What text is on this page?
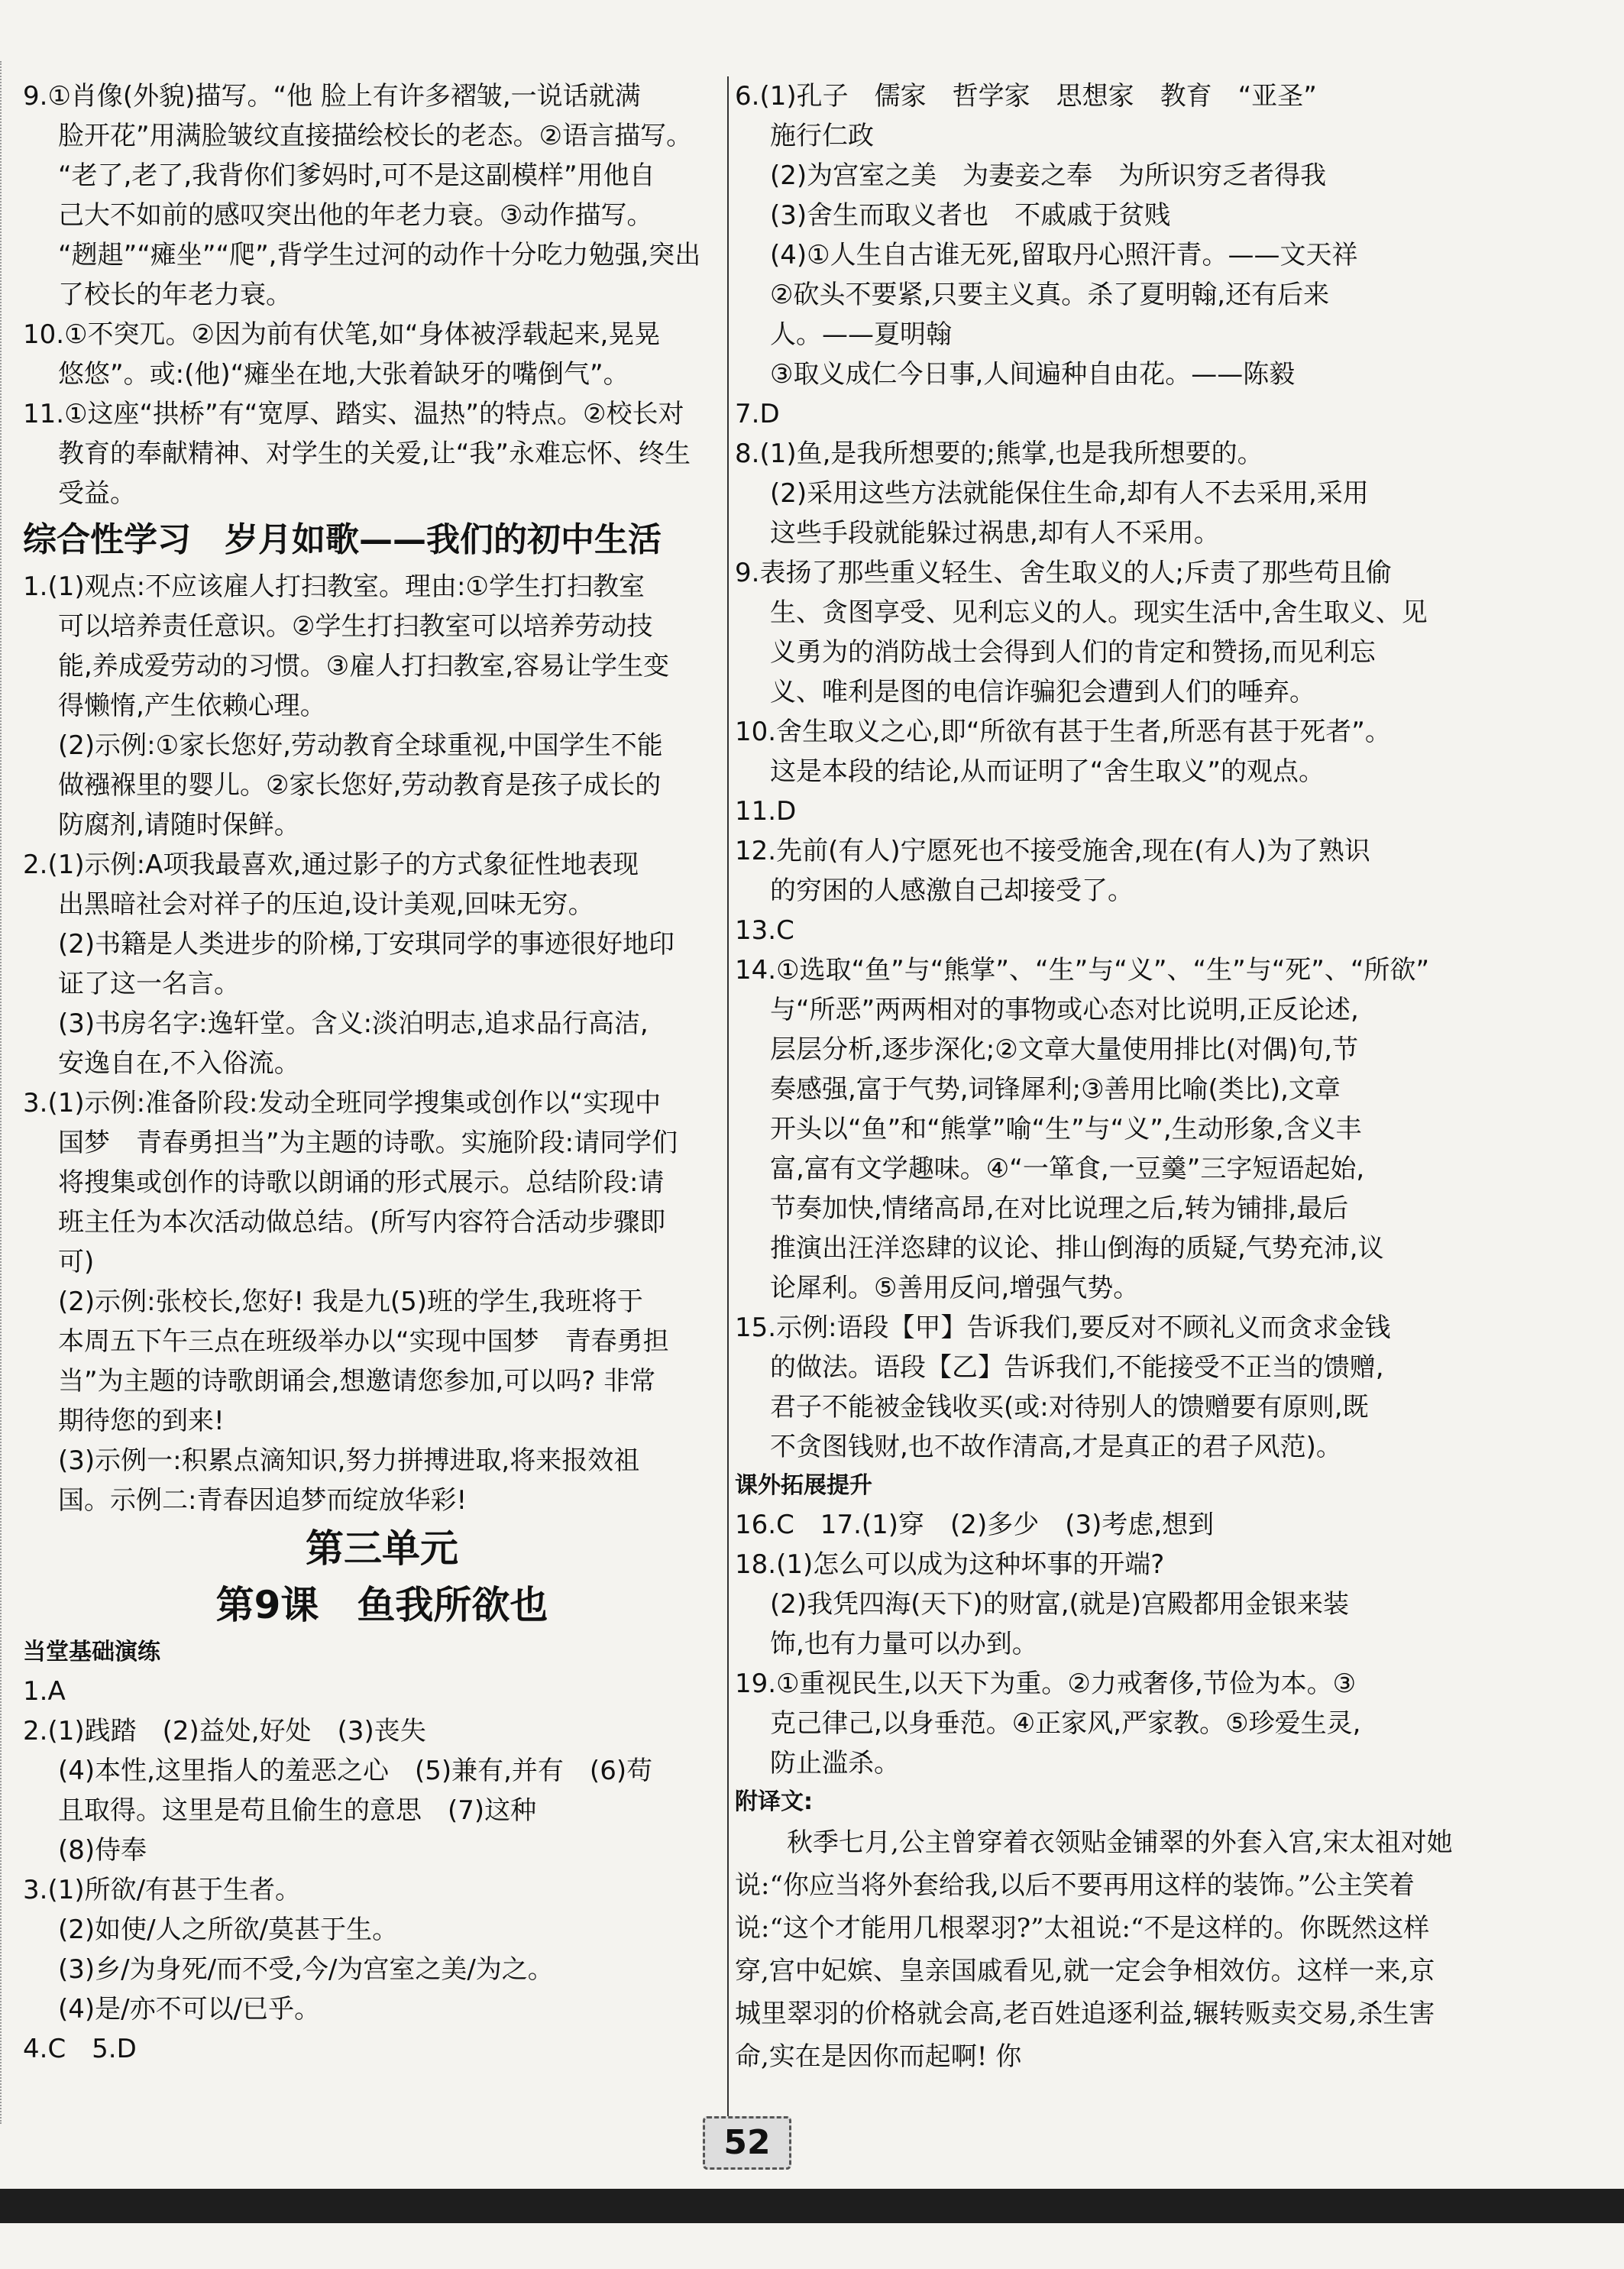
9.①肖像(外貌)描写。“他 脸上有许多褶皱,一说话就满

脸开花”用满脸皱纹直接描绘校长的老态。②语言描写。

“老了,老了,我背你们爹妈时,可不是这副模样”用他自

己大不如前的感叹突出他的年老力衰。③动作描写。

“趔趄”“瘫坐”“爬”,背学生过河的动作十分吃力勉强,突出

了校长的年老力衰。

10.①不突兀。②因为前有伏笔,如“身体被浮载起来,晃晃

悠悠”。或:(他)“瘫坐在地,大张着缺牙的嘴倒气”。

11.①这座“拱桥”有“宽厚、踏实、温热”的特点。②校长对

教育的奉献精神、对学生的关爱,让“我”永难忘怀、终生

受益。

综合性学习　岁月如歌——我们的初中生活

1.(1)观点:不应该雇人打扫教室。理由:①学生打扫教室

可以培养责任意识。②学生打扫教室可以培养劳动技

能,养成爱劳动的习惯。③雇人打扫教室,容易让学生变

得懒惰,产生依赖心理。

(2)示例:①家长您好,劳动教育全球重视,中国学生不能

做襁褓里的婴儿。②家长您好,劳动教育是孩子成长的

防腐剂,请随时保鲜。

2.(1)示例:A项我最喜欢,通过影子的方式象征性地表现

出黑暗社会对祥子的压迫,设计美观,回味无穷。

(2)书籍是人类进步的阶梯,丁安琪同学的事迹很好地印

证了这一名言。

(3)书房名字:逸轩堂。含义:淡泊明志,追求品行高洁,

安逸自在,不入俗流。

3.(1)示例:准备阶段:发动全班同学搜集或创作以“实现中

国梦　青春勇担当”为主题的诗歌。实施阶段:请同学们

将搜集或创作的诗歌以朗诵的形式展示。总结阶段:请

班主任为本次活动做总结。(所写内容符合活动步骤即

可)

(2)示例:张校长,您好! 我是九(5)班的学生,我班将于

本周五下午三点在班级举办以“实现中国梦　青春勇担

当”为主题的诗歌朗诵会,想邀请您参加,可以吗? 非常

期待您的到来!

(3)示例一:积累点滴知识,努力拼搏进取,将来报效祖

国。示例二:青春因追梦而绽放华彩!

第三单元

第9课　鱼我所欲也

当堂基础演练

1.A

2.(1)践踏　(2)益处,好处　(3)丧失

(4)本性,这里指人的羞恶之心　(5)兼有,并有　(6)苟

且取得。这里是苟且偷生的意思　(7)这种

(8)侍奉

3.(1)所欲/有甚于生者。

(2)如使/人之所欲/莫甚于生。

(3)乡/为身死/而不受,今/为宫室之美/为之。

(4)是/亦不可以/已乎。

4.C　5.D

6.(1)孔子　儒家　哲学家　思想家　教育　“亚圣”

施行仁政

(2)为宫室之美　为妻妾之奉　为所识穷乏者得我

(3)舍生而取义者也　不戚戚于贫贱

(4)①人生自古谁无死,留取丹心照汗青。——文天祥

②砍头不要紧,只要主义真。杀了夏明翰,还有后来

人。——夏明翰

③取义成仁今日事,人间遍种自由花。——陈毅

7.D

8.(1)鱼,是我所想要的;熊掌,也是我所想要的。

(2)采用这些方法就能保住生命,却有人不去采用,采用

这些手段就能躲过祸患,却有人不采用。

9.表扬了那些重义轻生、舍生取义的人;斥责了那些苟且偷

生、贪图享受、见利忘义的人。现实生活中,舍生取义、见

义勇为的消防战士会得到人们的肯定和赞扬,而见利忘

义、唯利是图的电信诈骗犯会遭到人们的唾弃。

10.舍生取义之心,即“所欲有甚于生者,所恶有甚于死者”。

这是本段的结论,从而证明了“舍生取义”的观点。

11.D

12.先前(有人)宁愿死也不接受施舍,现在(有人)为了熟识

的穷困的人感激自己却接受了。

13.C

14.①选取“鱼”与“熊掌”、“生”与“义”、“生”与“死”、“所欲”

与“所恶”两两相对的事物或心态对比说明,正反论述,

层层分析,逐步深化;②文章大量使用排比(对偶)句,节

奏感强,富于气势,词锋犀利;③善用比喻(类比),文章

开头以“鱼”和“熊掌”喻“生”与“义”,生动形象,含义丰

富,富有文学趣味。④“一箪食,一豆羹”三字短语起始,

节奏加快,情绪高昂,在对比说理之后,转为铺排,最后

推演出汪洋恣肆的议论、排山倒海的质疑,气势充沛,议

论犀利。⑤善用反问,增强气势。

15.示例:语段【甲】告诉我们,要反对不顾礼义而贪求金钱

的做法。语段【乙】告诉我们,不能接受不正当的馈赠,

君子不能被金钱收买(或:对待别人的馈赠要有原则,既

不贪图钱财,也不故作清高,才是真正的君子风范)。

课外拓展提升

16.C　17.(1)穿　(2)多少　(3)考虑,想到

18.(1)怎么可以成为这种坏事的开端?

(2)我凭四海(天下)的财富,(就是)宫殿都用金银来装

饰,也有力量可以办到。

19.①重视民生,以天下为重。②力戒奢侈,节俭为本。③

克己律己,以身垂范。④正家风,严家教。⑤珍爱生灵,

防止滥杀。

附译文:

秋季七月,公主曾穿着衣领贴金铺翠的外套入宫,宋太祖对她说:“你应当将外套给我,以后不要再用这样的装饰。”公主笑着说:“这个才能用几根翠羽?”太祖说:“不是这样的。你既然这样穿,宫中妃嫔、皇亲国戚看见,就一定会争相效仿。这样一来,京城里翠羽的价格就会高,老百姓追逐利益,辗转贩卖交易,杀生害命,实在是因你而起啊! 你

52
